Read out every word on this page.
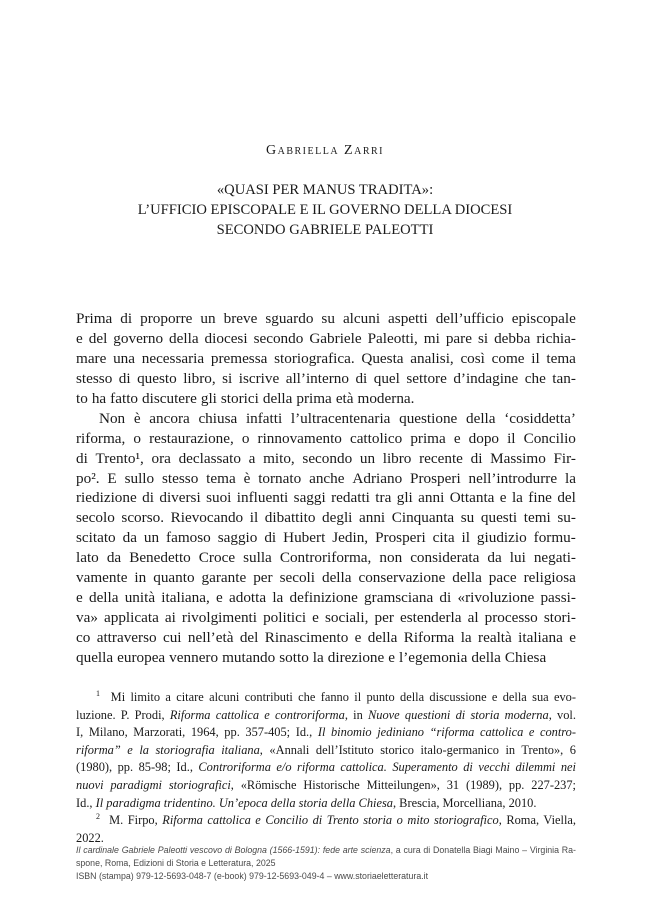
Gabriella Zarri
«QUASI PER MANUS TRADITA»:
L’UFFICIO EPISCOPALE E IL GOVERNO DELLA DIOCESI
SECONDO GABRIELE PALEOTTI
Prima di proporre un breve sguardo su alcuni aspetti dell’ufficio episcopale
e del governo della diocesi secondo Gabriele Paleotti, mi pare si debba richia-
mare una necessaria premessa storiografica. Questa analisi, così come il tema
stesso di questo libro, si iscrive all’interno di quel settore d’indagine che tan-
to ha fatto discutere gli storici della prima età moderna.
Non è ancora chiusa infatti l’ultracentenaria questione della ‘cosiddetta’
riforma, o restaurazione, o rinnovamento cattolico prima e dopo il Concilio
di Trento¹, ora declassato a mito, secondo un libro recente di Massimo Fir-
po². E sullo stesso tema è tornato anche Adriano Prosperi nell’introdurre la
riedizione di diversi suoi influenti saggi redatti tra gli anni Ottanta e la fine del
secolo scorso. Rievocando il dibattito degli anni Cinquanta su questi temi su-
scitato da un famoso saggio di Hubert Jedin, Prosperi cita il giudizio formu-
lato da Benedetto Croce sulla Controriforma, non considerata da lui negati-
vamente in quanto garante per secoli della conservazione della pace religiosa
e della unità italiana, e adotta la definizione gramsciana di «rivoluzione passi-
va» applicata ai rivolgimenti politici e sociali, per estenderla al processo stori-
co attraverso cui nell’età del Rinascimento e della Riforma la realtà italiana e
quella europea vennero mutando sotto la direzione e l’egemonia della Chiesa
$^1$ Mi limito a citare alcuni contributi che fanno il punto della discussione e della sua evo-
luzione. P. Prodi, Riforma cattolica e controriforma, in Nuove questioni di storia moderna, vol.
I, Milano, Marzorati, 1964, pp. 357-405; Id., Il binomio jediniano “riforma cattolica e contro-
riforma” e la storiografia italiana, «Annali dell’Istituto storico italo-germanico in Trento», 6
(1980), pp. 85-98; Id., Controriforma e/o riforma cattolica. Superamento di vecchi dilemmi nei
nuovi paradigmi storiografici, «Römische Historische Mitteilungen», 31 (1989), pp. 227-237;
Id., Il paradigma tridentino. Un’epoca della storia della Chiesa, Brescia, Morcelliana, 2010.
$^2$ M. Firpo, Riforma cattolica e Concilio di Trento storia o mito storiografico, Roma, Viella,
2022.
Il cardinale Gabriele Paleotti vescovo di Bologna (1566-1591): fede arte scienza, a cura di Donatella Biagi Maino – Virginia Ra-
spone, Roma, Edizioni di Storia e Letteratura, 2025
ISBN (stampa) 979-12-5693-048-7 (e-book) 979-12-5693-049-4 – www.storiaeletteratura.it
